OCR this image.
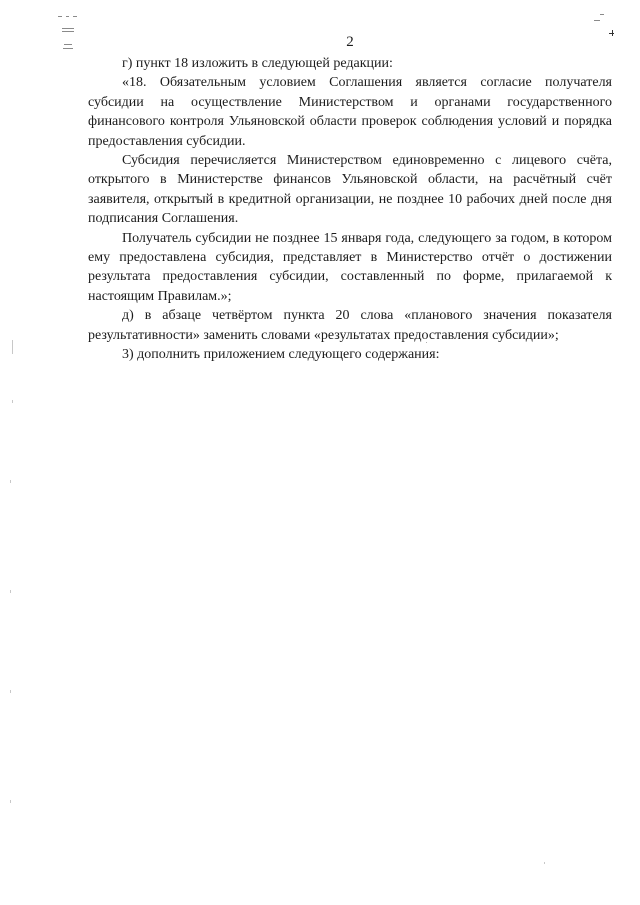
2

г) пункт 18 изложить в следующей редакции:

«18. Обязательным условием Соглашения является согласие получателя субсидии на осуществление Министерством и органами государственного финансового контроля Ульяновской области проверок соблюдения условий и порядка предоставления субсидии.

Субсидия перечисляется Министерством единовременно с лицевого счёта, открытого в Министерстве финансов Ульяновской области, на расчётный счёт заявителя, открытый в кредитной организации, не позднее 10 рабочих дней после дня подписания Соглашения.

Получатель субсидии не позднее 15 января года, следующего за годом, в котором ему предоставлена субсидия, представляет в Министерство отчёт о достижении результата предоставления субсидии, составленный по форме, прилагаемой к настоящим Правилам.»;

д) в абзаце четвёртом пункта 20 слова «планового значения показателя результативности» заменить словами «результатах предоставления субсидии»;

3) дополнить приложением следующего содержания:
